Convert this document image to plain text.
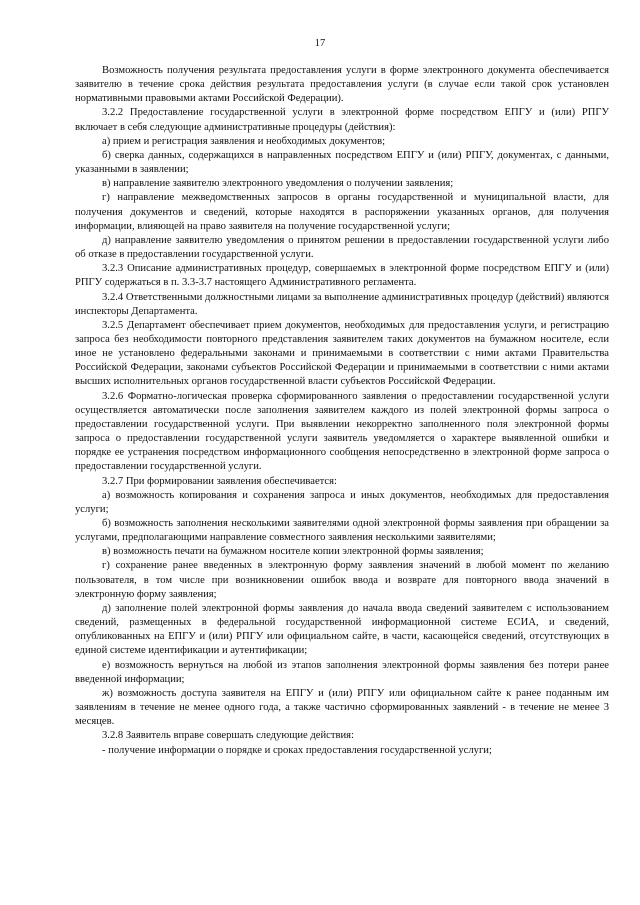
17

Возможность получения результата предоставления услуги в форме электронного документа обеспечивается заявителю в течение срока действия результата предоставления услуги (в случае если такой срок установлен нормативными правовыми актами Российской Федерации).

3.2.2 Предоставление государственной услуги в электронной форме посредством ЕПГУ и (или) РПГУ включает в себя следующие административные процедуры (действия):

а) прием и регистрация заявления и необходимых документов;

б) сверка данных, содержащихся в направленных посредством ЕПГУ и (или) РПГУ, документах, с данными, указанными в заявлении;

в) направление заявителю электронного уведомления о получении заявления;

г) направление межведомственных запросов в органы государственной и муниципальной власти, для получения документов и сведений, которые находятся в распоряжении указанных органов, для получения информации, влияющей на право заявителя на получение государственной услуги;

д) направление заявителю уведомления о принятом решении в предоставлении государственной услуги либо об отказе в предоставлении государственной услуги.

3.2.3 Описание административных процедур, совершаемых в электронной форме посредством ЕПГУ и (или) РПГУ содержаться в п. 3.3-3.7 настоящего Административного регламента.

3.2.4 Ответственными должностными лицами за выполнение административных процедур (действий) являются инспекторы Департамента.

3.2.5 Департамент обеспечивает прием документов, необходимых для предоставления услуги, и регистрацию запроса без необходимости повторного представления заявителем таких документов на бумажном носителе, если иное не установлено федеральными законами и принимаемыми в соответствии с ними актами Правительства Российской Федерации, законами субъектов Российской Федерации и принимаемыми в соответствии с ними актами высших исполнительных органов государственной власти субъектов Российской Федерации.

3.2.6 Форматно-логическая проверка сформированного заявления о предоставлении государственной услуги осуществляется автоматически после заполнения заявителем каждого из полей электронной формы запроса о предоставлении государственной услуги. При выявлении некорректно заполненного поля электронной формы запроса о предоставлении государственной услуги заявитель уведомляется о характере выявленной ошибки и порядке ее устранения посредством информационного сообщения непосредственно в электронной форме запроса о предоставлении государственной услуги.

3.2.7 При формировании заявления обеспечивается:

а) возможность копирования и сохранения запроса и иных документов, необходимых для предоставления услуги;

б) возможность заполнения несколькими заявителями одной электронной формы заявления при обращении за услугами, предполагающими направление совместного заявления несколькими заявителями;

в) возможность печати на бумажном носителе копии электронной формы заявления;

г) сохранение ранее введенных в электронную форму заявления значений в любой момент по желанию пользователя, в том числе при возникновении ошибок ввода и возврате для повторного ввода значений в электронную форму заявления;

д) заполнение полей электронной формы заявления до начала ввода сведений заявителем с использованием сведений, размещенных в федеральной государственной информационной системе ЕСИА, и сведений, опубликованных на ЕПГУ и (или) РПГУ или официальном сайте, в части, касающейся сведений, отсутствующих в единой системе идентификации и аутентификации;

е) возможность вернуться на любой из этапов заполнения электронной формы заявления без потери ранее введенной информации;

ж) возможность доступа заявителя на ЕПГУ и (или) РПГУ или официальном сайте к ранее поданным им заявлениям в течение не менее одного года, а также частично сформированных заявлений - в течение не менее 3 месяцев.

3.2.8 Заявитель вправе совершать следующие действия:

- получение информации о порядке и сроках предоставления государственной услуги;
